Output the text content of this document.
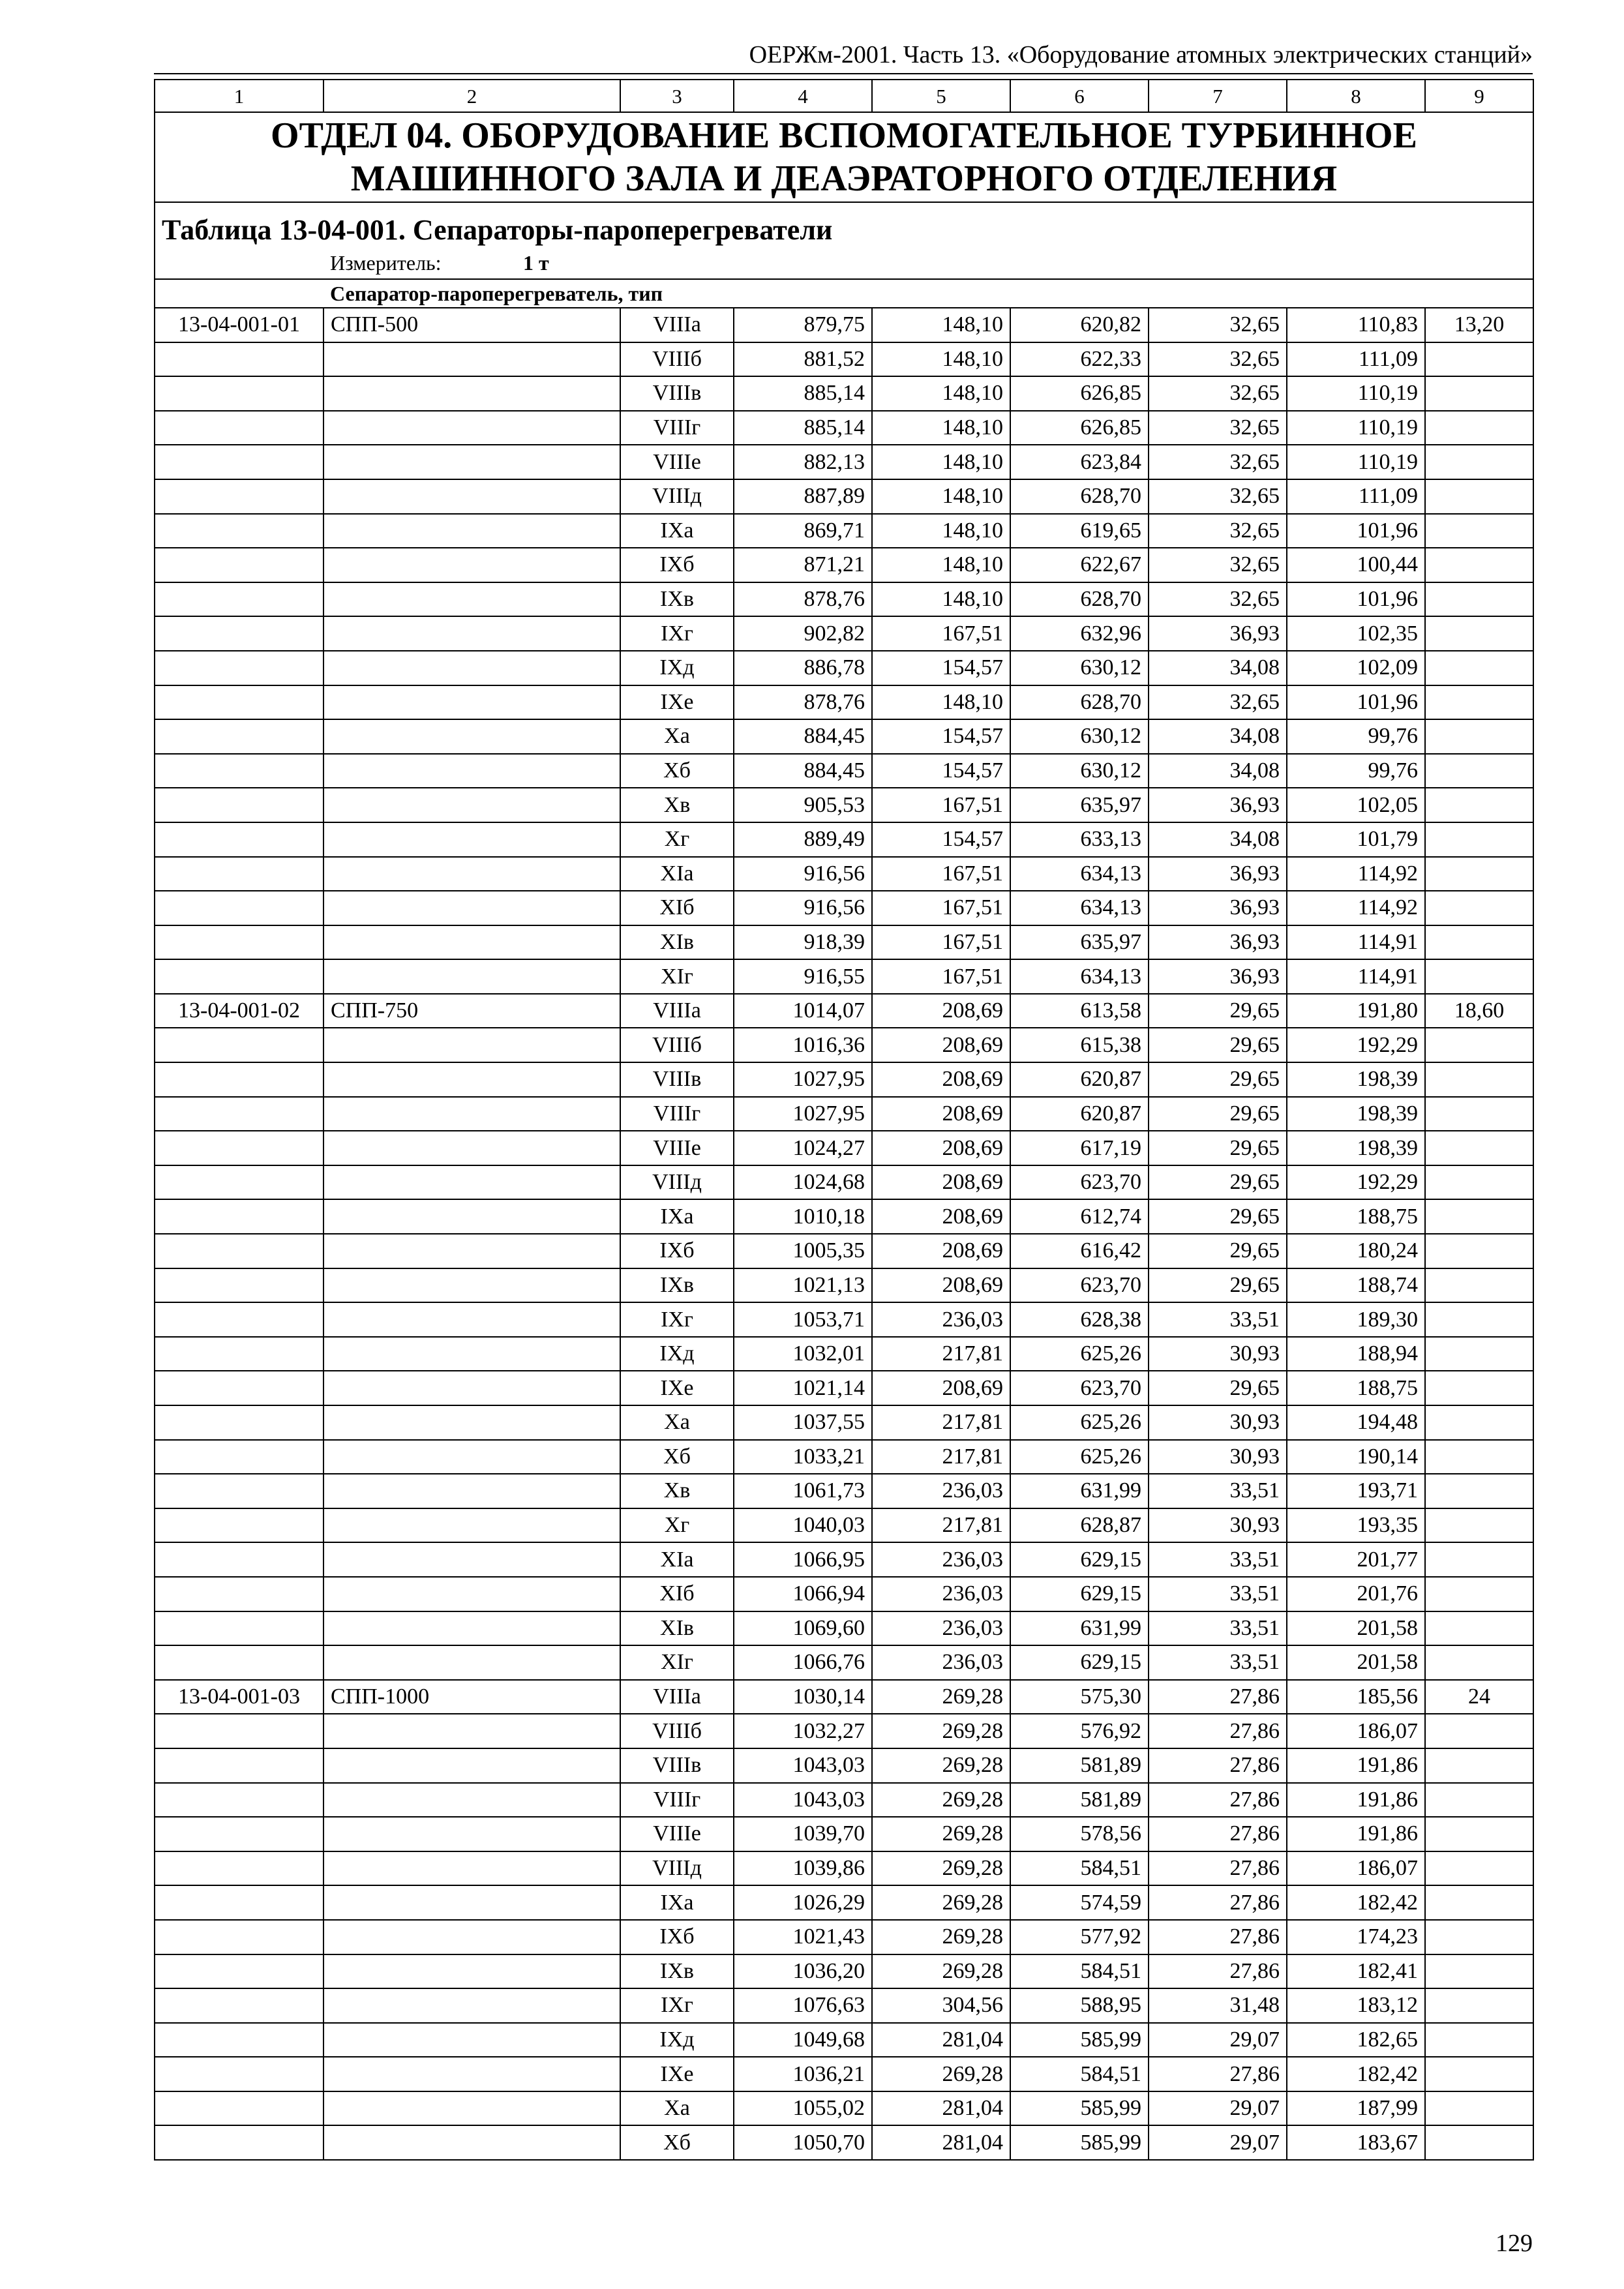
ОЕРЖм-2001. Часть 13. «Оборудование атомных электрических станций»
1	2	3	4	5	6	7	8	9
ОТДЕЛ 04. ОБОРУДОВАНИЕ ВСПОМОГАТЕЛЬНОЕ ТУРБИННОЕ
МАШИННОГО ЗАЛА И ДЕАЭРАТОРНОГО ОТДЕЛЕНИЯ								
Таблица 13-04-001. Сепараторы-пароперегреватели								
	Измеритель: 1 т							
	Сепаратор-пароперегреватель, тип							
13-04-001-01	СПП-500	VIIIа	879,75	148,10	620,82	32,65	110,83	13,20
		VIIIб	881,52	148,10	622,33	32,65	111,09	
		VIIIв	885,14	148,10	626,85	32,65	110,19	
		VIIIг	885,14	148,10	626,85	32,65	110,19	
		VIIIе	882,13	148,10	623,84	32,65	110,19	
		VIIIд	887,89	148,10	628,70	32,65	111,09	
		IXа	869,71	148,10	619,65	32,65	101,96	
		IXб	871,21	148,10	622,67	32,65	100,44	
		IXв	878,76	148,10	628,70	32,65	101,96	
		IXг	902,82	167,51	632,96	36,93	102,35	
		IXд	886,78	154,57	630,12	34,08	102,09	
		IXе	878,76	148,10	628,70	32,65	101,96	
		Xа	884,45	154,57	630,12	34,08	99,76	
		Xб	884,45	154,57	630,12	34,08	99,76	
		Xв	905,53	167,51	635,97	36,93	102,05	
		Xг	889,49	154,57	633,13	34,08	101,79	
		XIа	916,56	167,51	634,13	36,93	114,92	
		XIб	916,56	167,51	634,13	36,93	114,92	
		XIв	918,39	167,51	635,97	36,93	114,91	
		XIг	916,55	167,51	634,13	36,93	114,91	
13-04-001-02	СПП-750	VIIIа	1014,07	208,69	613,58	29,65	191,80	18,60
		VIIIб	1016,36	208,69	615,38	29,65	192,29	
		VIIIв	1027,95	208,69	620,87	29,65	198,39	
		VIIIг	1027,95	208,69	620,87	29,65	198,39	
		VIIIе	1024,27	208,69	617,19	29,65	198,39	
		VIIIд	1024,68	208,69	623,70	29,65	192,29	
		IXа	1010,18	208,69	612,74	29,65	188,75	
		IXб	1005,35	208,69	616,42	29,65	180,24	
		IXв	1021,13	208,69	623,70	29,65	188,74	
		IXг	1053,71	236,03	628,38	33,51	189,30	
		IXд	1032,01	217,81	625,26	30,93	188,94	
		IXе	1021,14	208,69	623,70	29,65	188,75	
		Xа	1037,55	217,81	625,26	30,93	194,48	
		Xб	1033,21	217,81	625,26	30,93	190,14	
		Xв	1061,73	236,03	631,99	33,51	193,71	
		Xг	1040,03	217,81	628,87	30,93	193,35	
		XIа	1066,95	236,03	629,15	33,51	201,77	
		XIб	1066,94	236,03	629,15	33,51	201,76	
		XIв	1069,60	236,03	631,99	33,51	201,58	
		XIг	1066,76	236,03	629,15	33,51	201,58	
13-04-001-03	СПП-1000	VIIIа	1030,14	269,28	575,30	27,86	185,56	24
		VIIIб	1032,27	269,28	576,92	27,86	186,07	
		VIIIв	1043,03	269,28	581,89	27,86	191,86	
		VIIIг	1043,03	269,28	581,89	27,86	191,86	
		VIIIе	1039,70	269,28	578,56	27,86	191,86	
		VIIIд	1039,86	269,28	584,51	27,86	186,07	
		IXа	1026,29	269,28	574,59	27,86	182,42	
		IXб	1021,43	269,28	577,92	27,86	174,23	
		IXв	1036,20	269,28	584,51	27,86	182,41	
		IXг	1076,63	304,56	588,95	31,48	183,12	
		IXд	1049,68	281,04	585,99	29,07	182,65	
		IXе	1036,21	269,28	584,51	27,86	182,42	
		Xа	1055,02	281,04	585,99	29,07	187,99	
		Xб	1050,70	281,04	585,99	29,07	183,67	
129
